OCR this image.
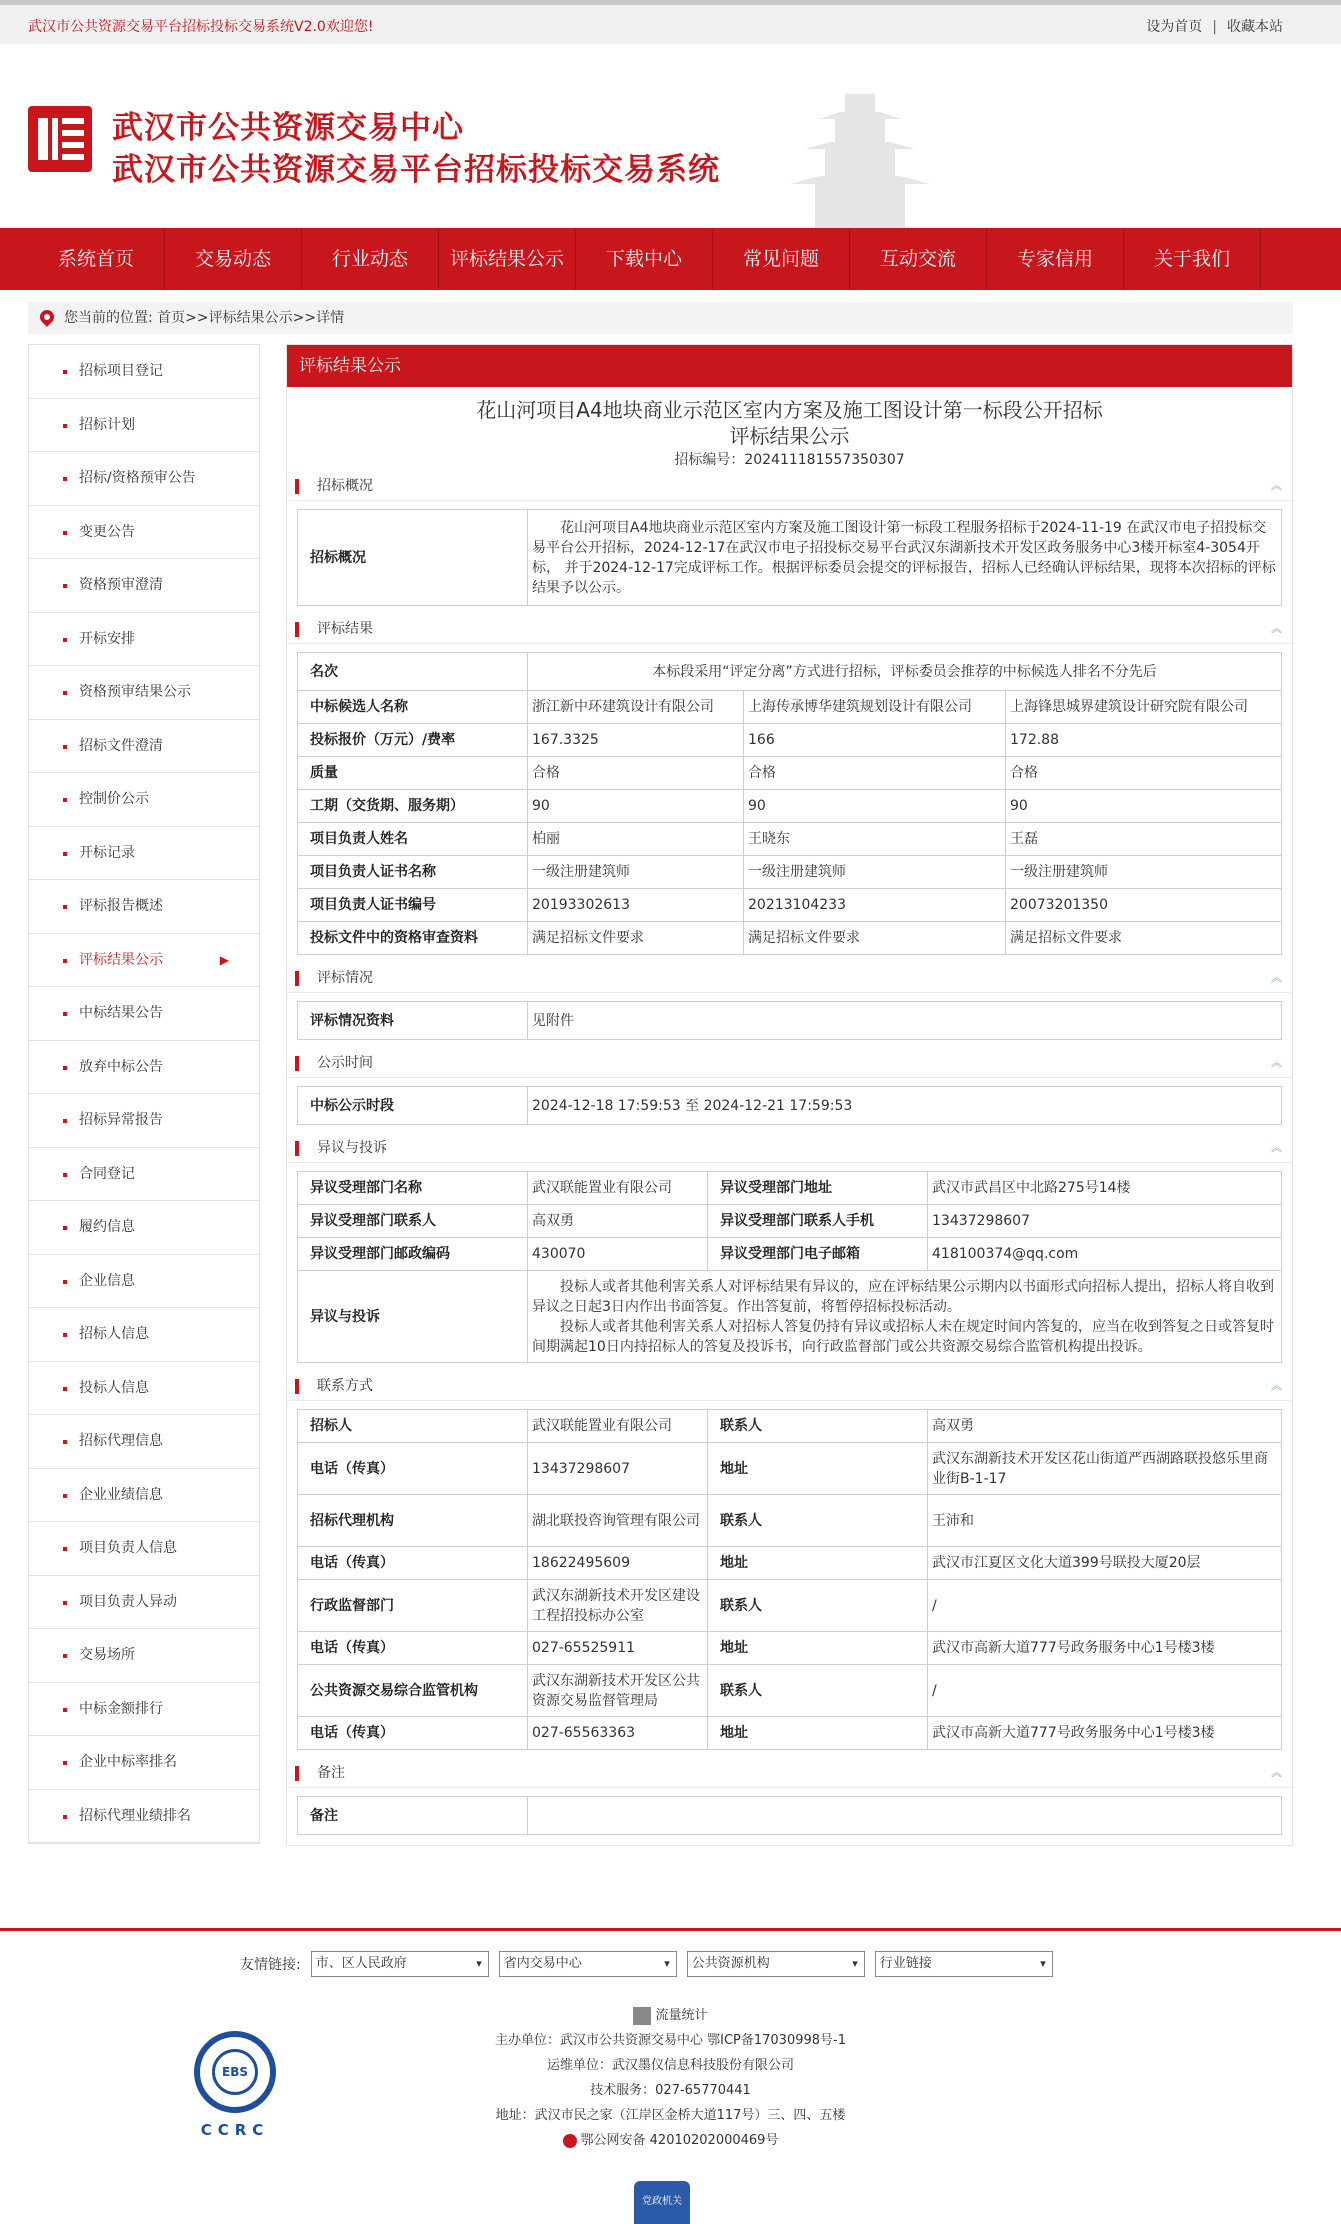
武汉市公共资源交易平台招标投标交易系统V2.0欢迎您!	设为首页 | 收藏本站
武汉市公共资源交易中心
武汉市公共资源交易平台招标投标交易系统
系统首页	交易动态	行业动态	评标结果公示	下载中心	常见问题	互动交流	专家信用	关于我们
您当前的位置: 首页>>评标结果公示>>详情
招标项目登记
招标计划
招标/资格预审公告
变更公告
资格预审澄清
开标安排
资格预审结果公示
招标文件澄清
控制价公示
开标记录
评标报告概述
评标结果公示	▶
中标结果公告
放弃中标公告
招标异常报告
合同登记
履约信息
企业信息
招标人信息
投标人信息
招标代理信息
企业业绩信息
项目负责人信息
项目负责人异动
交易场所
中标金额排行
企业中标率排名
招标代理业绩排名
评标结果公示
花山河项目A4地块商业示范区室内方案及施工图设计第一标段公开招标
评标结果公示
招标编号：202411181557350307
招标概况	︽
招标概况	花山河项目A4地块商业示范区室内方案及施工图设计第一标段工程服务招标于2024-11-19 在武汉市电子招投标交易平台公开招标，2024-12-17在武汉市电子招投标交易平台武汉东湖新技术开发区政务服务中心3楼开标室4-3054开标， 并于2024-12-17完成评标工作。根据评标委员会提交的评标报告，招标人已经确认评标结果，现将本次招标的评标结果予以公示。
评标结果	︽
名次	本标段采用“评定分离”方式进行招标，评标委员会推荐的中标候选人排名不分先后		
中标候选人名称	浙江新中环建筑设计有限公司	上海传承博华建筑规划设计有限公司	上海锋思城界建筑设计研究院有限公司
投标报价（万元）/费率	167.3325	166	172.88
质量	合格	合格	合格
工期（交货期、服务期）	90	90	90
项目负责人姓名	柏丽	王晓东	王磊
项目负责人证书名称	一级注册建筑师	一级注册建筑师	一级注册建筑师
项目负责人证书编号	20193302613	20213104233	20073201350
投标文件中的资格审查资料	满足招标文件要求	满足招标文件要求	满足招标文件要求
评标情况	︽
评标情况资料	见附件
公示时间	︽
中标公示时段	2024-12-18 17:59:53 至 2024-12-21 17:59:53
异议与投诉	︽
异议受理部门名称	武汉联能置业有限公司	异议受理部门地址	武汉市武昌区中北路275号14楼
异议受理部门联系人	高双勇	异议受理部门联系人手机	13437298607
异议受理部门邮政编码	430070	异议受理部门电子邮箱	418100374@qq.com
异议与投诉	投标人或者其他利害关系人对评标结果有异议的，应在评标结果公示期内以书面形式向招标人提出，招标人将自收到异议之日起3日内作出书面答复。作出答复前，将暂停招标投标活动。
投标人或者其他利害关系人对招标人答复仍持有异议或招标人未在规定时间内答复的，应当在收到答复之日或答复时间期满起10日内持招标人的答复及投诉书，向行政监督部门或公共资源交易综合监管机构提出投诉。		
联系方式	︽
招标人	武汉联能置业有限公司	联系人	高双勇
电话（传真）	13437298607	地址	武汉东湖新技术开发区花山街道严西湖路联投悠乐里商业街B-1-17
招标代理机构	湖北联投咨询管理有限公司	联系人	王沛和
电话（传真）	18622495609	地址	武汉市江夏区文化大道399号联投大厦20层
行政监督部门	武汉东湖新技术开发区建设工程招投标办公室	联系人	/
电话（传真）	027-65525911	地址	武汉市高新大道777号政务服务中心1号楼3楼
公共资源交易综合监管机构	武汉东湖新技术开发区公共资源交易监督管理局	联系人	/
电话（传真）	027-65563363	地址	武汉市高新大道777号政务服务中心1号楼3楼
备注	︽
备注	
友情链接:	市、区人民政府	▾	省内交易中心	▾	公共资源机构	▾	行业链接	▾
EBS
CCRC
流量统计
主办单位：武汉市公共资源交易中心 鄂ICP备17030998号-1
运维单位：武汉墨仪信息科技股份有限公司
技术服务：027-65770441
地址：武汉市民之家（江岸区金桥大道117号）三、四、五楼
鄂公网安备 42010202000469号
党政机关
